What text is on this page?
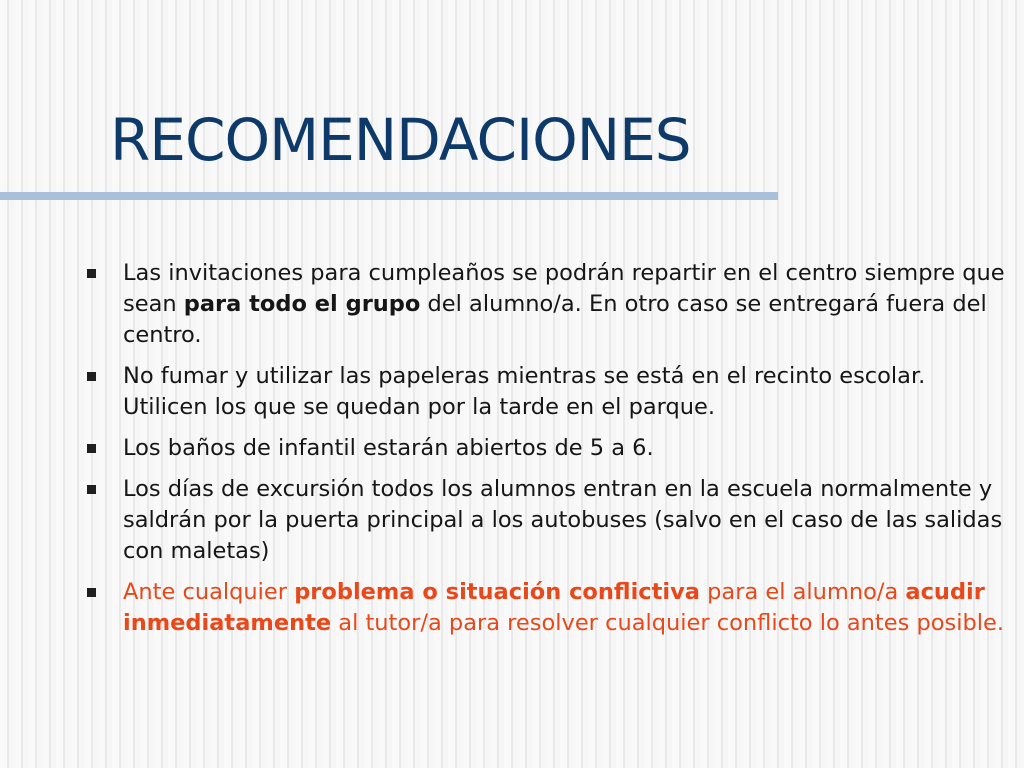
RECOMENDACIONES
Las invitaciones para cumpleaños se podrán repartir en el centro siempre que sean para todo el grupo del alumno/a. En otro caso se entregará fuera del centro.
No fumar y utilizar las papeleras mientras se está en el recinto escolar. Utilicen los que se quedan por la tarde en el parque.
Los baños de infantil estarán abiertos de 5 a 6.
Los días de excursión todos los alumnos entran en la escuela normalmente y saldrán por la puerta principal a los autobuses (salvo en el caso de las salidas con maletas)
Ante cualquier problema o situación conflictiva para el alumno/a acudir inmediatamente al tutor/a para resolver cualquier conflicto lo antes posible.
